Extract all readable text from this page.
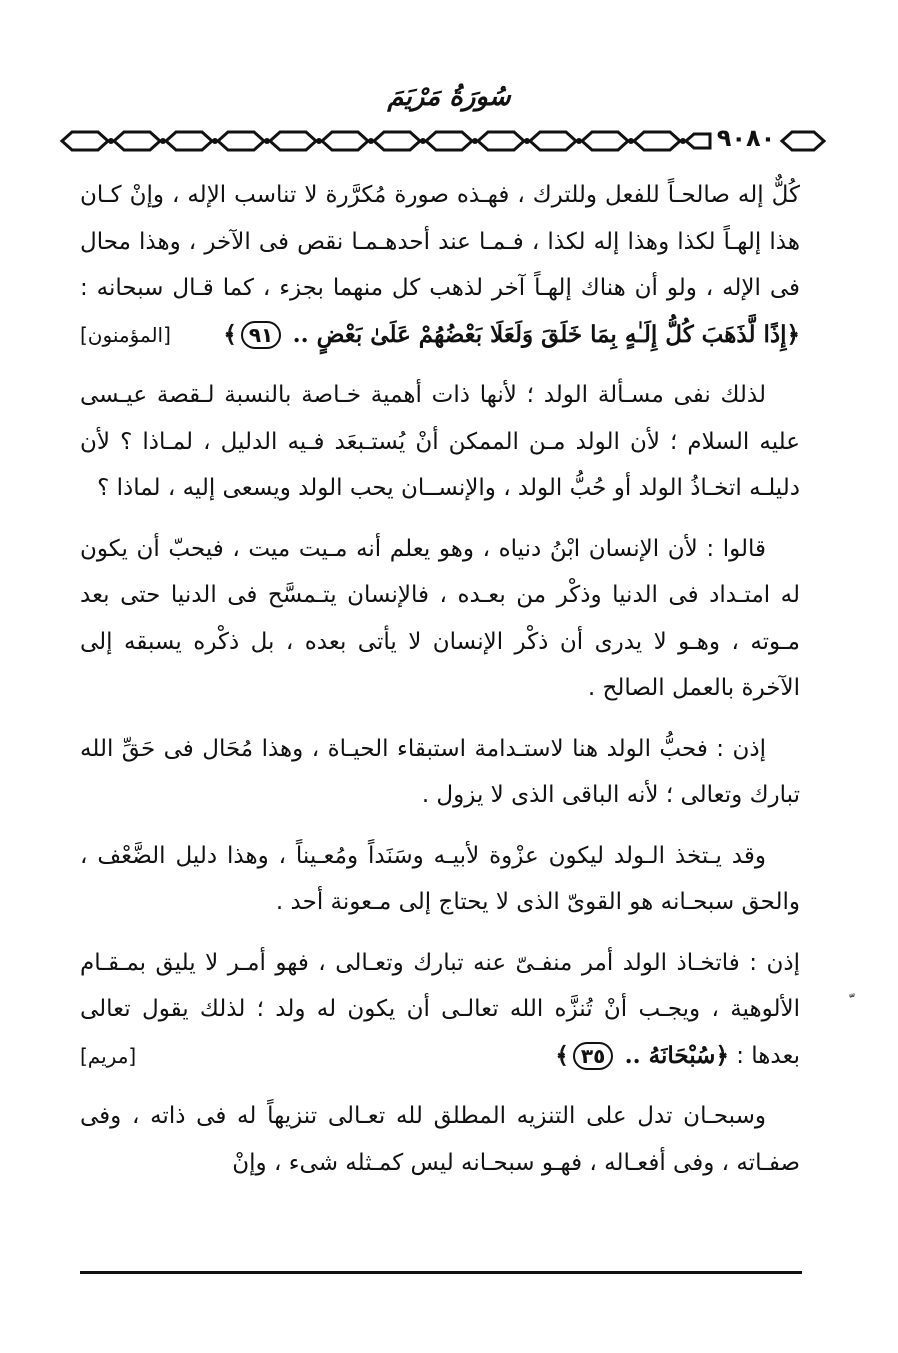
سُورَةُ مَرْيَمَ
٩٠٨٠

كُلٌّ إله صالحـاً للفعل وللترك ، فهـذه صورة مُكرَّرة لا تناسب الإله ، وإنْ كـان هذا إلهـاً لكذا وهذا إله لكذا ، فـمـا عند أحدهـمـا نقص فى الآخر ، وهذا محال فى الإله ، ولو أن هناك إلهـاً آخر لذهب كل منهما بجزء ، كما قـال سبحانه : ﴿إِذًا لَّذَهَبَ كُلُّ إِلَـٰهٍ بِمَا خَلَقَ وَلَعَلَا بَعْضُهُمْ عَلَىٰ بَعْضٍ .. ٩١﴾
[المؤمنون]

لذلك نفى مسـألة الولد ؛ لأنها ذات أهمية خـاصة بالنسبة لـقصة عيـسى عليه السلام ؛ لأن الولد مـن الممكن أنْ يُستـبعَد فـيه الدليل ، لمـاذا ؟ لأن دليلـه اتخـاذُ الولد أو حُبُّ الولد ، والإنســان يحب الولد ويسعى إليه ، لماذا ؟

قالوا : لأن الإنسان ابْنُ دنياه ، وهو يعلم أنه مـيت ميت ، فيحبّ أن يكون له امتـداد فى الدنيا وذكْر من بعـده ، فالإنسان يتـمسَّح فى الدنيا حتى بعد مـوته ، وهـو لا يدرى أن ذكْر الإنسان لا يأتى بعده ، بل ذكْره يسبقه إلى الآخرة بالعمل الصالح .

إذن : فحبُّ الولد هنا لاستـدامة استبقاء الحيـاة ، وهذا مُحَال فى حَقِّ الله تبارك وتعالى ؛ لأنه الباقى الذى لا يزول .

وقد يـتخذ الـولد ليكون عزْوة لأبيـه وسَنَداً ومُعـيناً ، وهذا دليل الضَّعْف ، والحق سبحـانه هو القوىّ الذى لا يحتاج إلى مـعونة أحد .

إذن : فاتخـاذ الولد أمر منفـىّ عنه تبارك وتعـالى ، فهو أمـر لا يليق بمـقـام الألوهية ، ويجـب أنْ تُنزَّه الله تعالـى أن يكون له ولد ؛ لذلك يقول تعالى بعدها : ﴿سُبْحَانَهُ .. ٣٥﴾
[مريم]

وسبحـان تدل على التنزيه المطلق لله تعـالى تنزيهاً له فى ذاته ، وفى صفـاته ، وفى أفعـاله ، فهـو سبحـانه ليس كمـثله شىء ، وإنْ
